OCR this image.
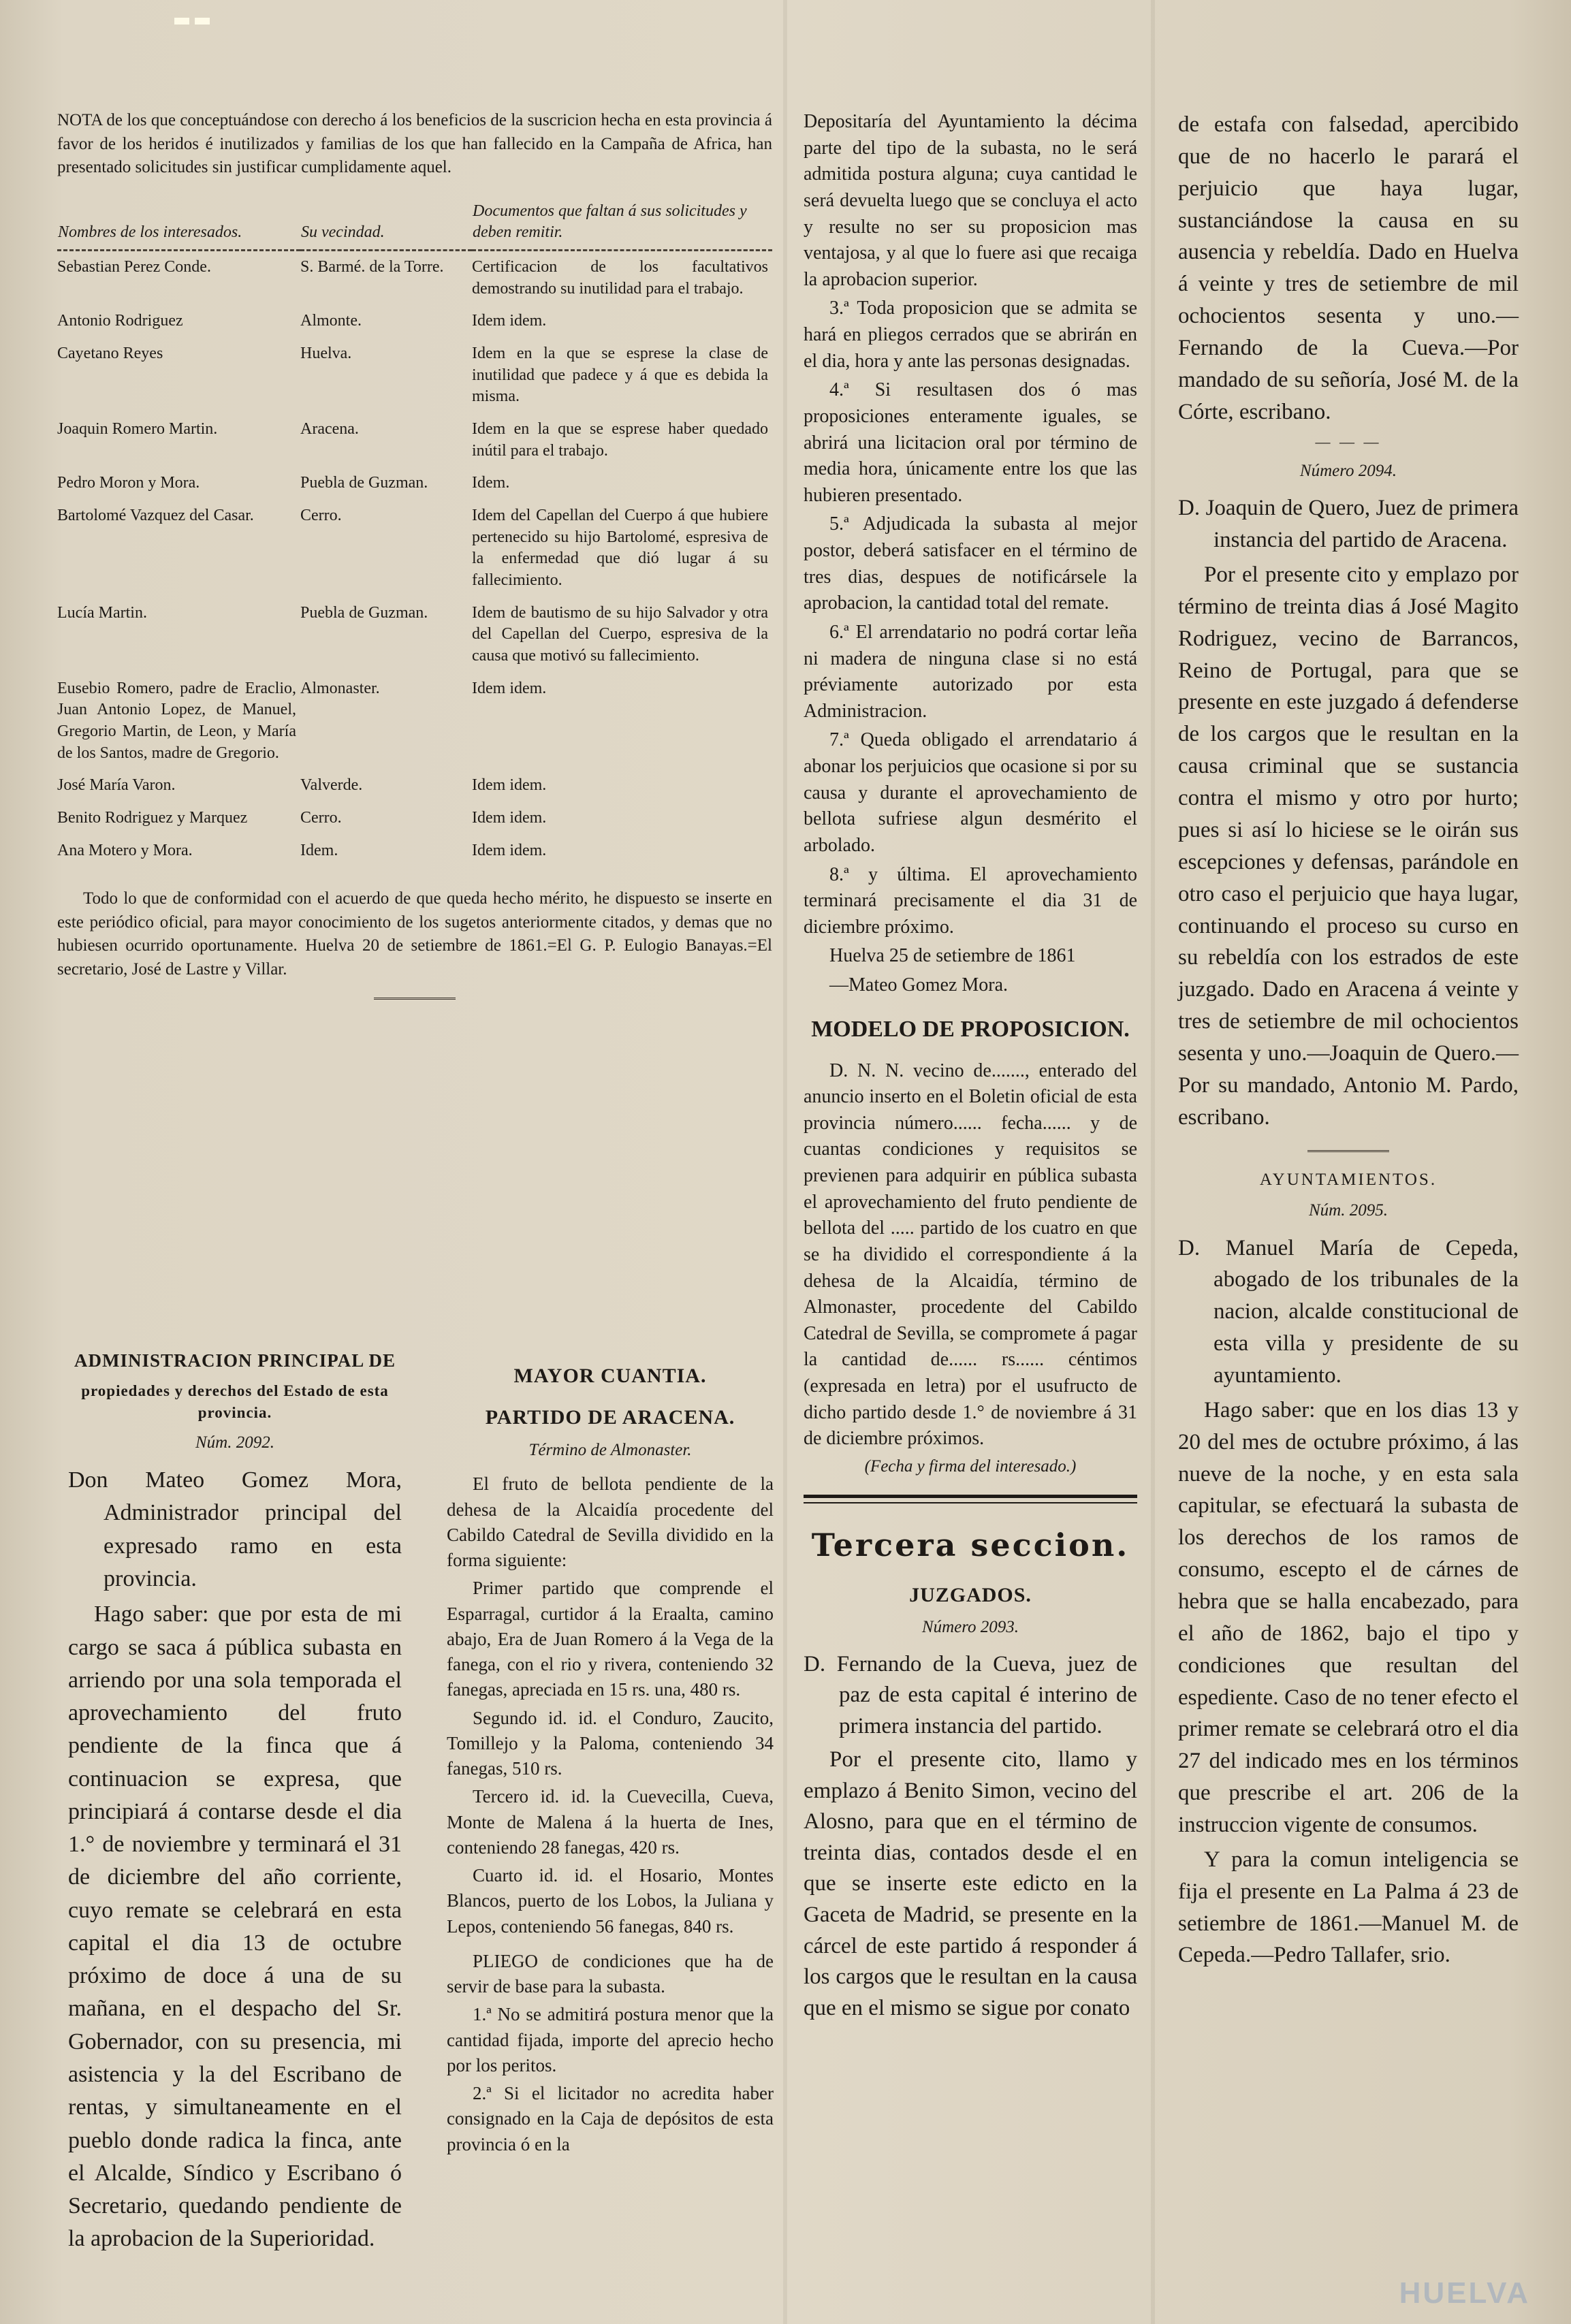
NOTA de los que conceptuándose con derecho á los beneficios de la suscricion hecha en esta provincia á favor de los heridos é inutilizados y familias de los que han fallecido en la Campaña de Africa, han presentado solicitudes sin justificar cumplidamente aquel.

Nombres de los interesados.	Su vecindad.	Documentos que faltan á sus solicitudes y deben remitir.
Sebastian Perez Conde.	S. Barmé. de la Torre.	Certificacion de los facultativos demostrando su inutilidad para el trabajo.
Antonio Rodriguez	Almonte.	Idem idem.
Cayetano Reyes	Huelva.	Idem en la que se esprese la clase de inutilidad que padece y á que es debida la misma.
Joaquin Romero Martin.	Aracena.	Idem en la que se esprese haber quedado inútil para el trabajo.
Pedro Moron y Mora.	Puebla de Guzman.	Idem.
Bartolomé Vazquez del Casar.	Cerro.	Idem del Capellan del Cuerpo á que hubiere pertenecido su hijo Bartolomé, espresiva de la enfermedad que dió lugar á su fallecimiento.
Lucía Martin.	Puebla de Guzman.	Idem de bautismo de su hijo Salvador y otra del Capellan del Cuerpo, espresiva de la causa que motivó su fallecimiento.
Eusebio Romero, padre de Eraclio, Juan Antonio Lopez, de Manuel, Gregorio Martin, de Leon, y María de los Santos, madre de Gregorio.	Almonaster.	Idem idem.
José María Varon.	Valverde.	Idem idem.
Benito Rodriguez y Marquez	Cerro.	Idem idem.
Ana Motero y Mora.	Idem.	Idem idem.

Todo lo que de conformidad con el acuerdo de que queda hecho mérito, he dispuesto se inserte en este periódico oficial, para mayor conocimiento de los sugetos anteriormente citados, y demas que no hubiesen ocurrido oportunamente. Huelva 20 de setiembre de 1861.=El G. P. Eulogio Banayas.=El secretario, José de Lastre y Villar.

ADMINISTRACION PRINCIPAL DE
propiedades y derechos del Estado de esta provincia.
Núm. 2092.

Don Mateo Gomez Mora, Administrador principal del expresado ramo en esta provincia.

Hago saber: que por esta de mi cargo se saca á pública subasta en arriendo por una sola temporada el aprovechamiento del fruto pendiente de la finca que á continuacion se expresa, que principiará á contarse desde el dia 1.° de noviembre y terminará el 31 de diciembre del año corriente, cuyo remate se celebrará en esta capital el dia 13 de octubre próximo de doce á una de su mañana, en el despacho del Sr. Gobernador, con su presencia, mi asistencia y la del Escribano de rentas, y simultaneamente en el pueblo donde radica la finca, ante el Alcalde, Síndico y Escribano ó Secretario, quedando pendiente de la aprobacion de la Superioridad.

MAYOR CUANTIA.
PARTIDO DE ARACENA.
Término de Almonaster.

El fruto de bellota pendiente de la dehesa de la Alcaidía procedente del Cabildo Catedral de Sevilla dividido en la forma siguiente:

Primer partido que comprende el Esparragal, curtidor á la Eraalta, camino abajo, Era de Juan Romero á la Vega de la fanega, con el rio y rivera, conteniendo 32 fanegas, apreciada en 15 rs. una, 480 rs.

Segundo id. id. el Conduro, Zaucito, Tomillejo y la Paloma, conteniendo 34 fanegas, 510 rs.

Tercero id. id. la Cuevecilla, Cueva, Monte de Malena á la huerta de Ines, conteniendo 28 fanegas, 420 rs.

Cuarto id. id. el Hosario, Montes Blancos, puerto de los Lobos, la Juliana y Lepos, conteniendo 56 fanegas, 840 rs.

PLIEGO de condiciones que ha de servir de base para la subasta.

1.ª No se admitirá postura menor que la cantidad fijada, importe del aprecio hecho por los peritos.

2.ª Si el licitador no acredita haber consignado en la Caja de depósitos de esta provincia ó en la

Depositaría del Ayuntamiento la décima parte del tipo de la subasta, no le será admitida postura alguna; cuya cantidad le será devuelta luego que se concluya el acto y resulte no ser su proposicion mas ventajosa, y al que lo fuere asi que recaiga la aprobacion superior.

3.ª Toda proposicion que se admita se hará en pliegos cerrados que se abrirán en el dia, hora y ante las personas designadas.

4.ª Si resultasen dos ó mas proposiciones enteramente iguales, se abrirá una licitacion oral por término de media hora, únicamente entre los que las hubieren presentado.

5.ª Adjudicada la subasta al mejor postor, deberá satisfacer en el término de tres dias, despues de notificársele la aprobacion, la cantidad total del remate.

6.ª El arrendatario no podrá cortar leña ni madera de ninguna clase si no está préviamente autorizado por esta Administracion.

7.ª Queda obligado el arrendatario á abonar los perjuicios que ocasione si por su causa y durante el aprovechamiento de bellota sufriese algun desmérito el arbolado.

8.ª y última. El aprovechamiento terminará precisamente el dia 31 de diciembre próximo.

Huelva 25 de setiembre de 1861

—Mateo Gomez Mora.

MODELO DE PROPOSICION.

D. N. N. vecino de......., enterado del anuncio inserto en el Boletin oficial de esta provincia número...... fecha...... y de cuantas condiciones y requisitos se previenen para adquirir en pública subasta el aprovechamiento del fruto pendiente de bellota del ..... partido de los cuatro en que se ha dividido el correspondiente á la dehesa de la Alcaidía, término de Almonaster, procedente del Cabildo Catedral de Sevilla, se compromete á pagar la cantidad de...... rs...... céntimos (expresada en letra) por el usufructo de dicho partido desde 1.° de noviembre á 31 de diciembre próximos.

(Fecha y firma del interesado.)
Tercera seccion.
JUZGADOS.
Número 2093.

D. Fernando de la Cueva, juez de paz de esta capital é interino de primera instancia del partido.

Por el presente cito, llamo y emplazo á Benito Simon, vecino del Alosno, para que en el término de treinta dias, contados desde el en que se inserte este edicto en la Gaceta de Madrid, se presente en la cárcel de este partido á responder á los cargos que le resultan en la causa que en el mismo se sigue por conato

de estafa con falsedad, apercibido que de no hacerlo le parará el perjuicio que haya lugar, sustanciándose la causa en su ausencia y rebeldía. Dado en Huelva á veinte y tres de setiembre de mil ochocientos sesenta y uno.—Fernando de la Cueva.—Por mandado de su señoría, José M. de la Córte, escribano.

— — —
Número 2094.

D. Joaquin de Quero, Juez de primera instancia del partido de Aracena.

Por el presente cito y emplazo por término de treinta dias á José Magito Rodriguez, vecino de Barrancos, Reino de Portugal, para que se presente en este juzgado á defenderse de los cargos que le resultan en la causa criminal que se sustancia contra el mismo y otro por hurto; pues si así lo hiciese se le oirán sus escepciones y defensas, parándole en otro caso el perjuicio que haya lugar, continuando el proceso su curso en su rebeldía con los estrados de este juzgado. Dado en Aracena á veinte y tres de setiembre de mil ochocientos sesenta y uno.—Joaquin de Quero.—Por su mandado, Antonio M. Pardo, escribano.

AYUNTAMIENTOS.
Núm. 2095.

D. Manuel María de Cepeda, abogado de los tribunales de la nacion, alcalde constitucional de esta villa y presidente de su ayuntamiento.

Hago saber: que en los dias 13 y 20 del mes de octubre próximo, á las nueve de la noche, y en esta sala capitular, se efectuará la subasta de los derechos de los ramos de consumo, escepto el de cárnes de hebra que se halla encabezado, para el año de 1862, bajo el tipo y condiciones que resultan del espediente. Caso de no tener efecto el primer remate se celebrará otro el dia 27 del indicado mes en los términos que prescribe el art. 206 de la instruccion vigente de consumos.

Y para la comun inteligencia se fija el presente en La Palma á 23 de setiembre de 1861.—Manuel M. de Cepeda.—Pedro Tallafer, srio.

HUELVA
